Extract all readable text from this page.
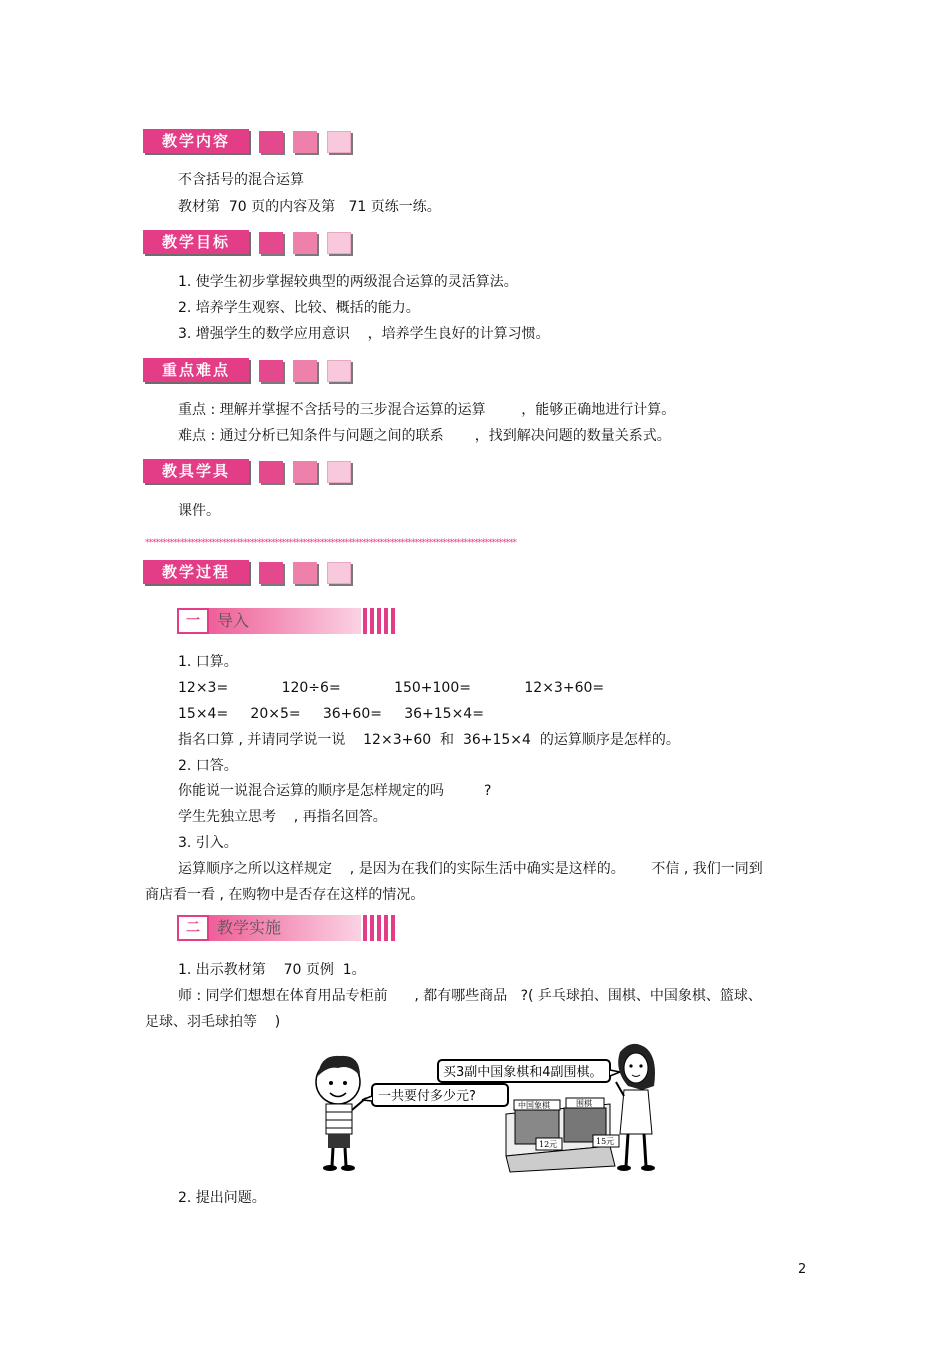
教学内容
不含括号的混合运算
教材第  70 页的内容及第   71 页练一练。
教学目标
1. 使学生初步掌握较典型的两级混合运算的灵活算法。
2. 培养学生观察、比较、概括的能力。
3. 增强学生的数学应用意识    ，培养学生良好的计算习惯。
重点难点
重点 : 理解并掌握不含括号的三步混合运算的运算        ，能够正确地进行计算。
难点 : 通过分析已知条件与问题之间的联系       ，找到解决问题的数量关系式。
教具学具
课件。
**********************************************************************************************************
教学过程
一	导入
1. 口算。
12×3=            120÷6=            150+100=            12×3+60=
15×4=     20×5=     36+60=     36+15×4=
指名口算 , 并请同学说一说    12×3+60  和  36+15×4  的运算顺序是怎样的。
2. 口答。
你能说一说混合运算的顺序是怎样规定的吗         ?
学生先独立思考    , 再指名回答。
3. 引入。
运算顺序之所以这样规定    , 是因为在我们的实际生活中确实是这样的。      不信 , 我们一同到
商店看一看 , 在购物中是否存在这样的情况。
二	教学实施
1. 出示教材第    70 页例  1。
师 : 同学们想想在体育用品专柜前      , 都有哪些商品   ?( 乒乓球拍、围棋、中国象棋、篮球、
足球、羽毛球拍等    )
一共要付多少元?
买3副中国象棋和4副围棋。
中国象棋	围棋
12元	15元
2. 提出问题。
2
